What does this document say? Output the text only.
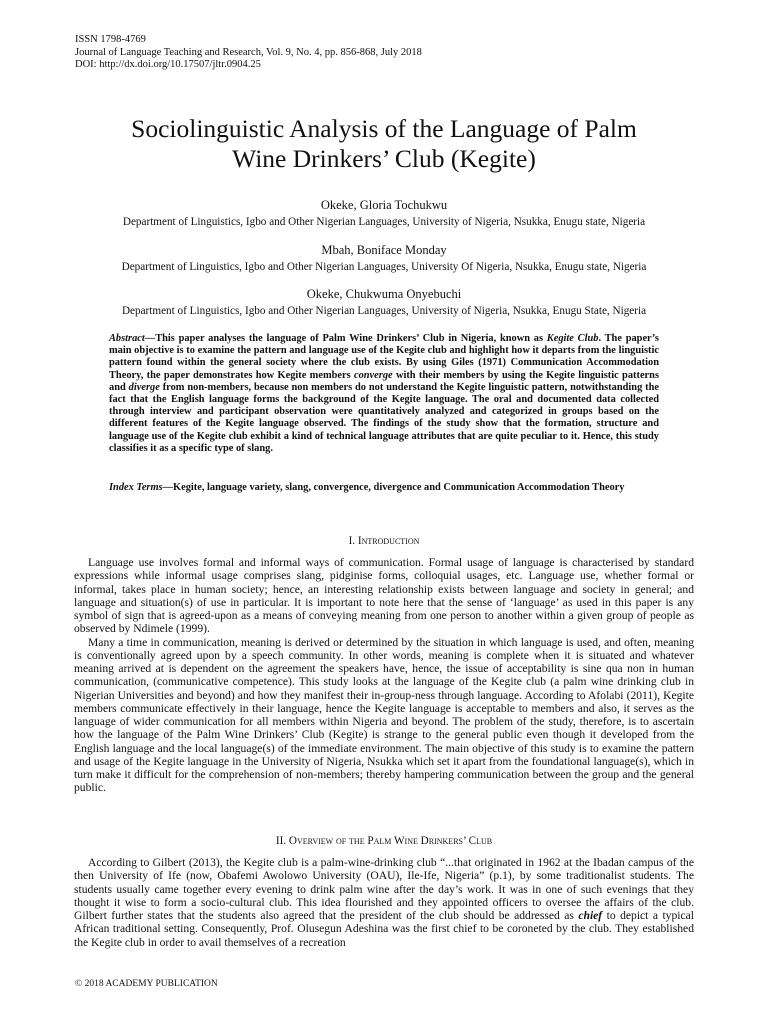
ISSN 1798-4769
Journal of Language Teaching and Research, Vol. 9, No. 4, pp. 856-868, July 2018
DOI: http://dx.doi.org/10.17507/jltr.0904.25
Sociolinguistic Analysis of the Language of Palm
Wine Drinkers’ Club (Kegite)
Okeke, Gloria Tochukwu
Department of Linguistics, Igbo and Other Nigerian Languages, University of Nigeria, Nsukka, Enugu state, Nigeria
Mbah, Boniface Monday
Department of Linguistics, Igbo and Other Nigerian Languages, University Of Nigeria, Nsukka, Enugu state, Nigeria
Okeke, Chukwuma Onyebuchi
Department of Linguistics, Igbo and Other Nigerian Languages, University of Nigeria, Nsukka, Enugu State, Nigeria
Abstract—This paper analyses the language of Palm Wine Drinkers’ Club in Nigeria, known as Kegite Club. The paper’s main objective is to examine the pattern and language use of the Kegite club and highlight how it departs from the linguistic pattern found within the general society where the club exists. By using Giles (1971) Communication Accommodation Theory, the paper demonstrates how Kegite members converge with their members by using the Kegite linguistic patterns and diverge from non-members, because non members do not understand the Kegite linguistic pattern, notwithstanding the fact that the English language forms the background of the Kegite language. The oral and documented data collected through interview and participant observation were quantitatively analyzed and categorized in groups based on the different features of the Kegite language observed. The findings of the study show that the formation, structure and language use of the Kegite club exhibit a kind of technical language attributes that are quite peculiar to it. Hence, this study classifies it as a specific type of slang.
Index Terms—Kegite, language variety, slang, convergence, divergence and Communication Accommodation Theory
I. Introduction

Language use involves formal and informal ways of communication. Formal usage of language is characterised by standard expressions while informal usage comprises slang, pidginise forms, colloquial usages, etc. Language use, whether formal or informal, takes place in human society; hence, an interesting relationship exists between language and society in general; and language and situation(s) of use in particular. It is important to note here that the sense of ‘language’ as used in this paper is any symbol of sign that is agreed-upon as a means of conveying meaning from one person to another within a given group of people as observed by Ndimele (1999).

Many a time in communication, meaning is derived or determined by the situation in which language is used, and often, meaning is conventionally agreed upon by a speech community. In other words, meaning is complete when it is situated and whatever meaning arrived at is dependent on the agreement the speakers have, hence, the issue of acceptability is sine qua non in human communication, (communicative competence). This study looks at the language of the Kegite club (a palm wine drinking club in Nigerian Universities and beyond) and how they manifest their in-group-ness through language. According to Afolabi (2011), Kegite members communicate effectively in their language, hence the Kegite language is acceptable to members and also, it serves as the language of wider communication for all members within Nigeria and beyond. The problem of the study, therefore, is to ascertain how the language of the Palm Wine Drinkers’ Club (Kegite) is strange to the general public even though it developed from the English language and the local language(s) of the immediate environment. The main objective of this study is to examine the pattern and usage of the Kegite language in the University of Nigeria, Nsukka which set it apart from the foundational language(s), which in turn make it difficult for the comprehension of non-members; thereby hampering communication between the group and the general public.

II. Overview of the Palm Wine Drinkers’ Club

According to Gilbert (2013), the Kegite club is a palm-wine-drinking club “...that originated in 1962 at the Ibadan campus of the then University of Ife (now, Obafemi Awolowo University (OAU), Ile-Ife, Nigeria” (p.1), by some traditionalist students. The students usually came together every evening to drink palm wine after the day’s work. It was in one of such evenings that they thought it wise to form a socio-cultural club. This idea flourished and they appointed officers to oversee the affairs of the club. Gilbert further states that the students also agreed that the president of the club should be addressed as chief to depict a typical African traditional setting. Consequently, Prof. Olusegun Adeshina was the first chief to be coroneted by the club. They established the Kegite club in order to avail themselves of a recreation

© 2018 ACADEMY PUBLICATION
